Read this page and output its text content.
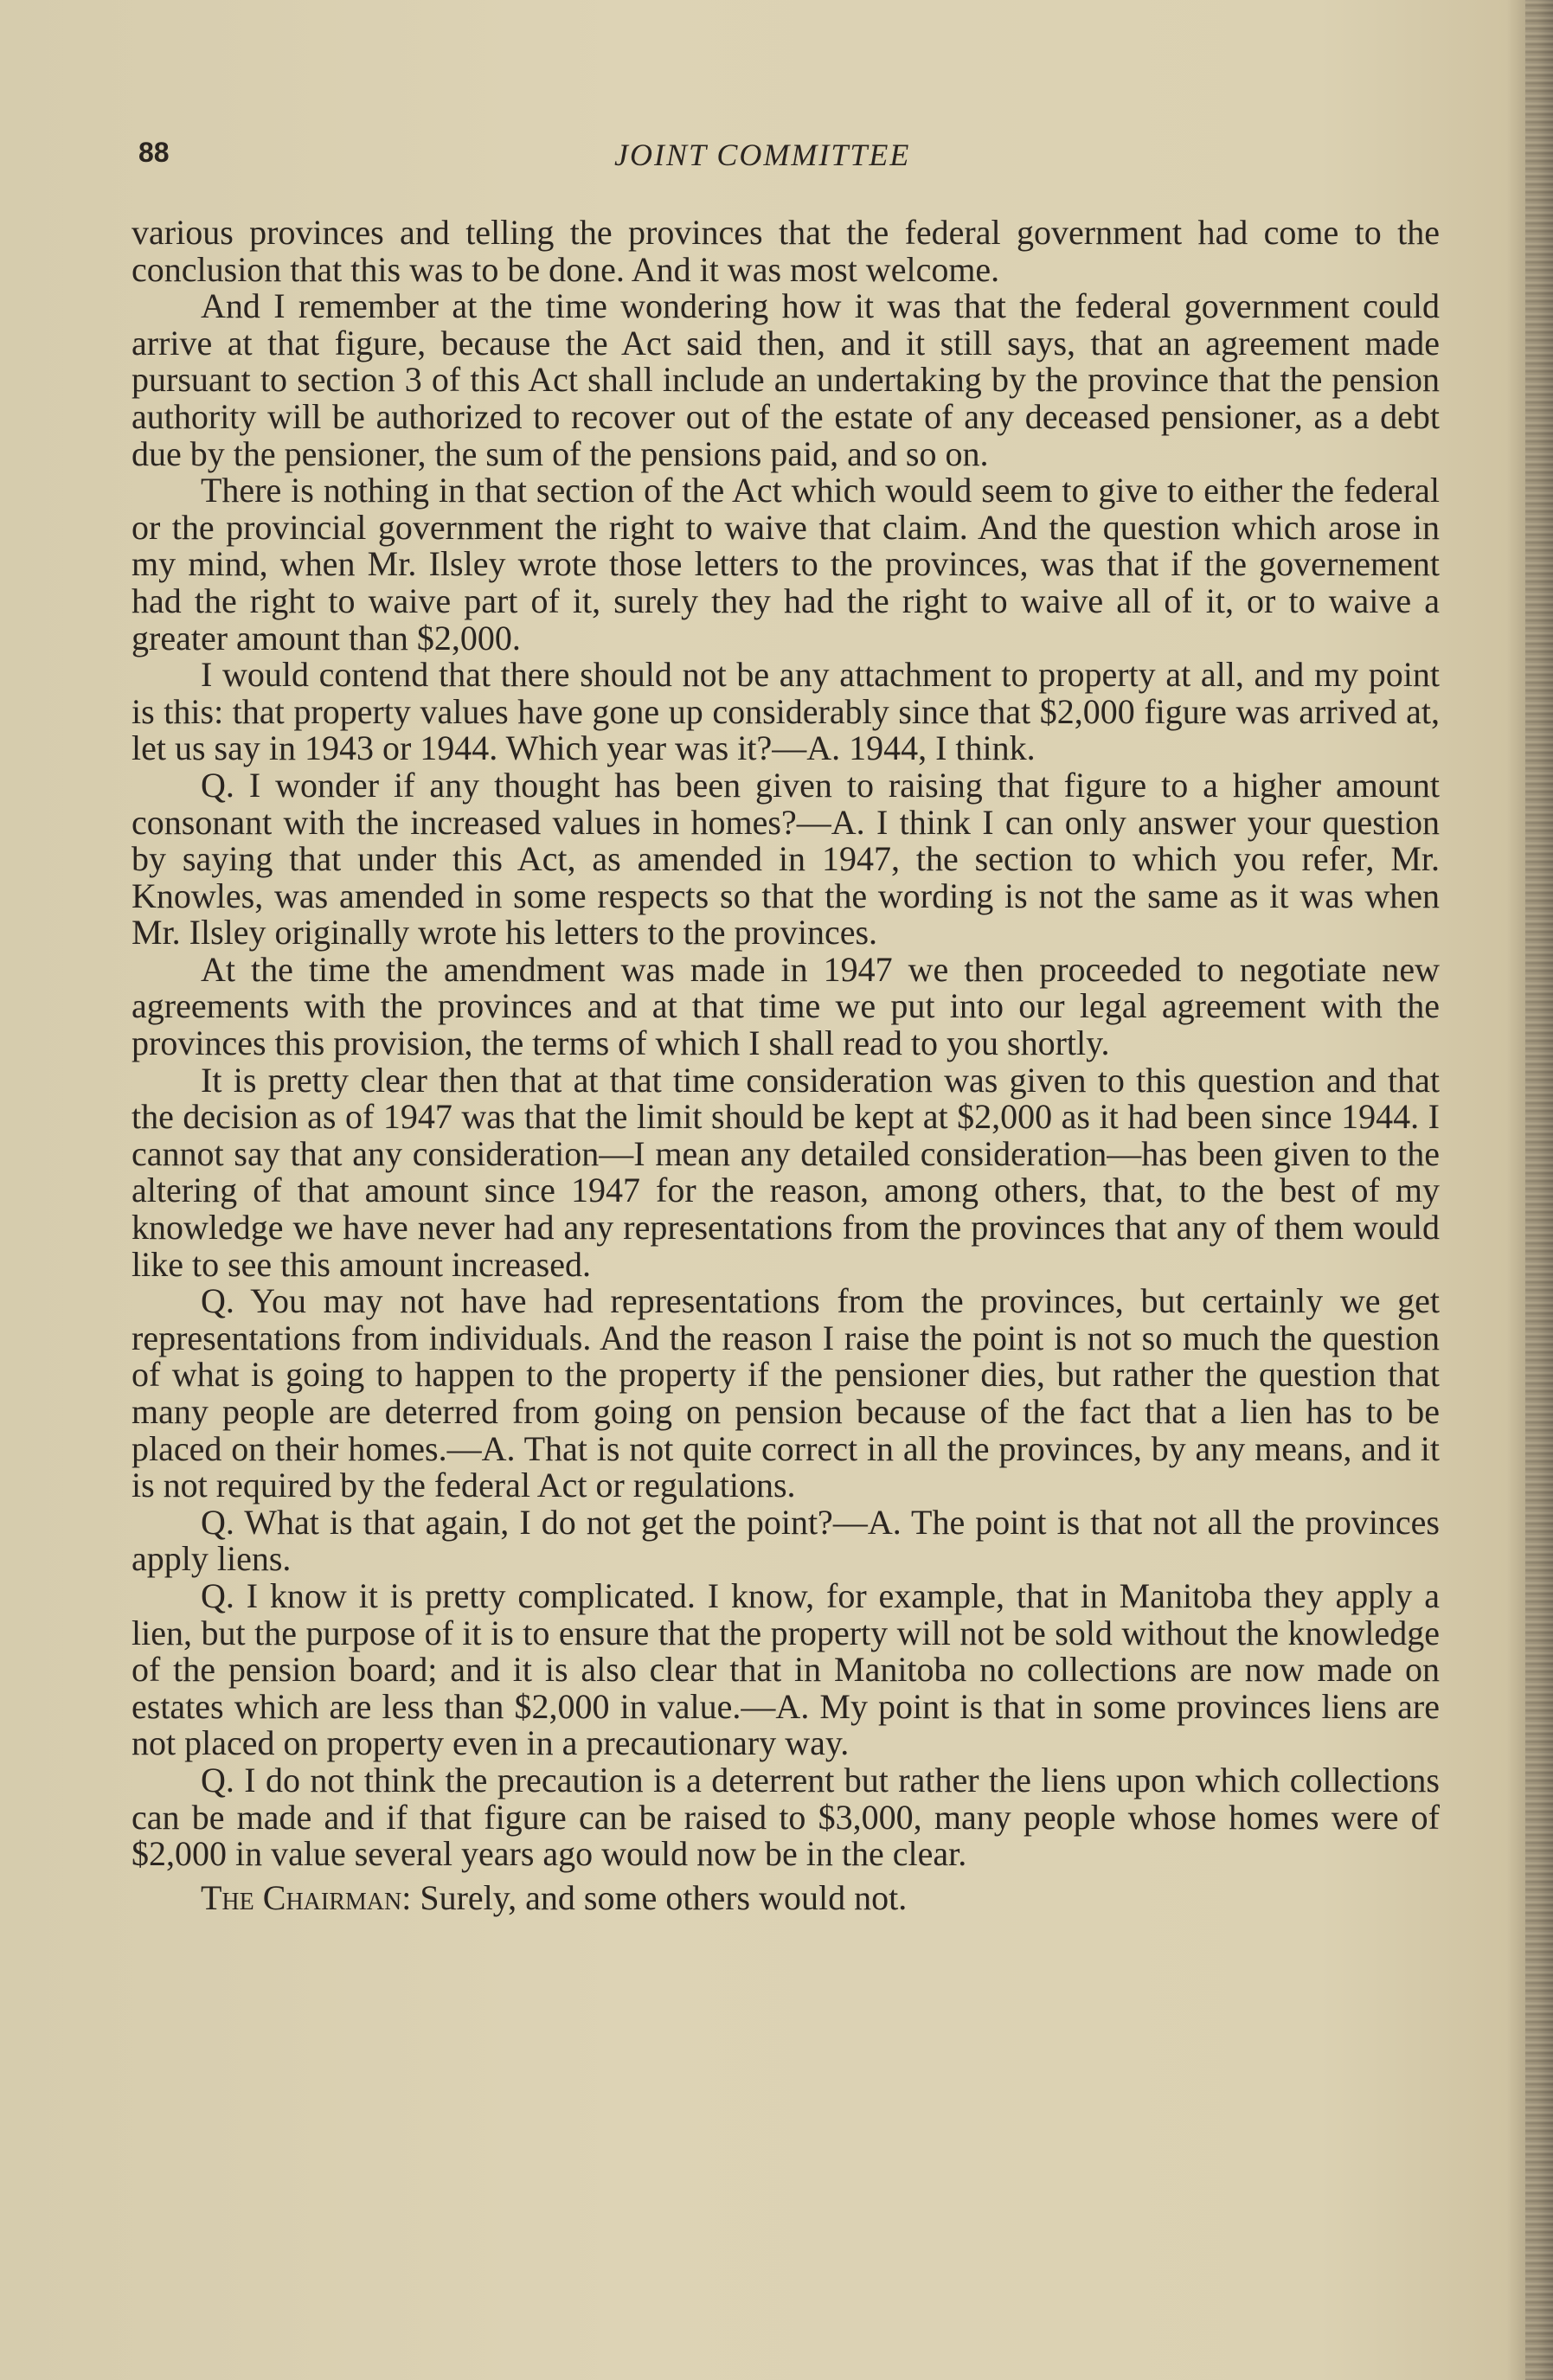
88	JOINT COMMITTEE

various provinces and telling the provinces that the federal government had come to the conclusion that this was to be done. And it was most welcome.

And I remember at the time wondering how it was that the federal government could arrive at that figure, because the Act said then, and it still says, that an agreement made pursuant to section 3 of this Act shall include an undertaking by the province that the pension authority will be authorized to recover out of the estate of any deceased pensioner, as a debt due by the pensioner, the sum of the pensions paid, and so on.

There is nothing in that section of the Act which would seem to give to either the federal or the provincial government the right to waive that claim. And the question which arose in my mind, when Mr. Ilsley wrote those letters to the provinces, was that if the governement had the right to waive part of it, surely they had the right to waive all of it, or to waive a greater amount than $2,000.

I would contend that there should not be any attachment to property at all, and my point is this: that property values have gone up considerably since that $2,000 figure was arrived at, let us say in 1943 or 1944. Which year was it?—A. 1944, I think.

Q. I wonder if any thought has been given to raising that figure to a higher amount consonant with the increased values in homes?—A. I think I can only answer your question by saying that under this Act, as amended in 1947, the section to which you refer, Mr. Knowles, was amended in some respects so that the wording is not the same as it was when Mr. Ilsley originally wrote his letters to the provinces.

At the time the amendment was made in 1947 we then proceeded to negotiate new agreements with the provinces and at that time we put into our legal agreement with the provinces this provision, the terms of which I shall read to you shortly.

It is pretty clear then that at that time consideration was given to this question and that the decision as of 1947 was that the limit should be kept at $2,000 as it had been since 1944. I cannot say that any consideration—I mean any detailed consideration—has been given to the altering of that amount since 1947 for the reason, among others, that, to the best of my knowledge we have never had any representations from the provinces that any of them would like to see this amount increased.

Q. You may not have had representations from the provinces, but certainly we get representations from individuals. And the reason I raise the point is not so much the question of what is going to happen to the property if the pensioner dies, but rather the question that many people are deterred from going on pension because of the fact that a lien has to be placed on their homes.—A. That is not quite correct in all the provinces, by any means, and it is not required by the federal Act or regulations.

Q. What is that again, I do not get the point?—A. The point is that not all the provinces apply liens.

Q. I know it is pretty complicated. I know, for example, that in Manitoba they apply a lien, but the purpose of it is to ensure that the property will not be sold without the knowledge of the pension board; and it is also clear that in Manitoba no collections are now made on estates which are less than $2,000 in value.—A. My point is that in some provinces liens are not placed on property even in a precautionary way.

Q. I do not think the precaution is a deterrent but rather the liens upon which collections can be made and if that figure can be raised to $3,000, many people whose homes were of $2,000 in value several years ago would now be in the clear.

The Chairman: Surely, and some others would not.
